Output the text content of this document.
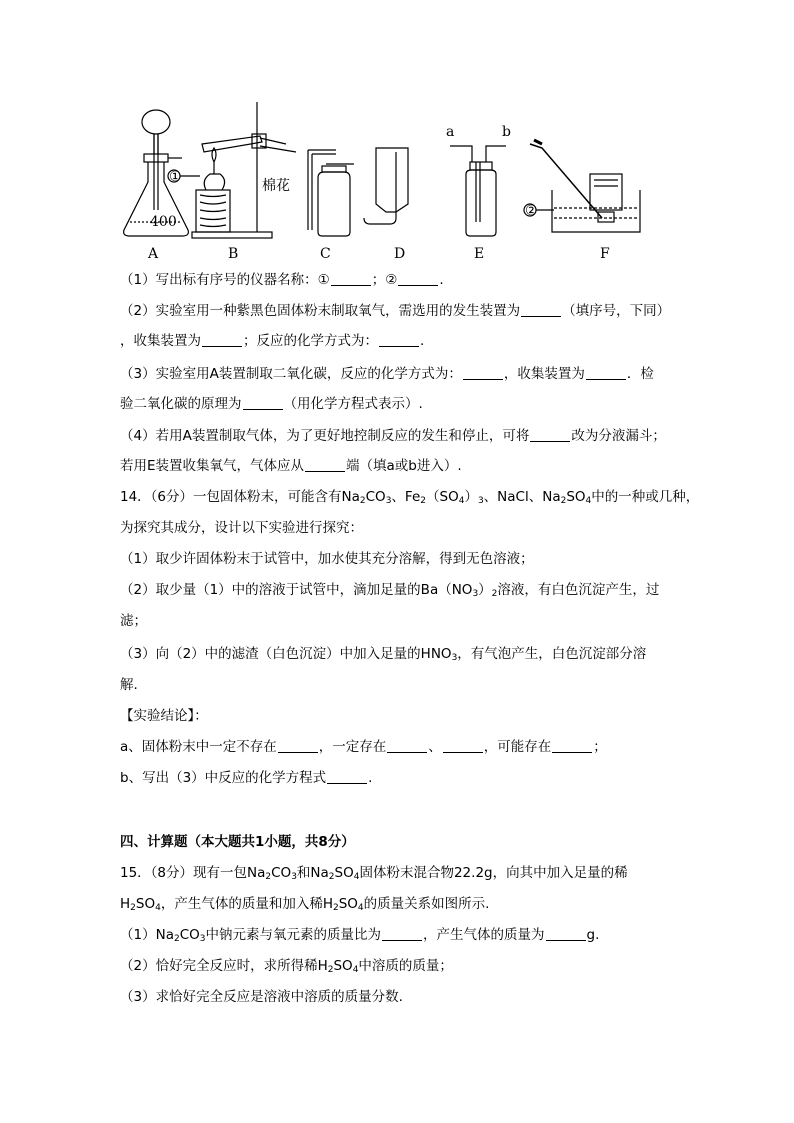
①
②
棉花
a	b
400
A	B	C	D	E	F
（1）写出标有序号的仪器名称：①	；②	.
（2）实验室用一种紫黑色固体粉末制取氧气，需选用的发生装置为	（填序号，下同）
，收集装置为	；反应的化学方式为：	.
（3）实验室用A装置制取二氧化碳，反应的化学方式为：	，收集装置为	．检
验二氧化碳的原理为	（用化学方程式表示）.
（4）若用A装置制取气体，为了更好地控制反应的发生和停止，可将	改为分液漏斗；
若用E装置收集氧气，气体应从	端（填a或b进入）.
14．（6分）一包固体粉末，可能含有$Na_2CO_3$、$Fe_2(SO_4)_3$、NaCl、$Na_2SO_4$中的一种或几种，
为探究其成分，设计以下实验进行探究：
（1）取少许固体粉末于试管中，加水使其充分溶解，得到无色溶液；
（2）取少量（1）中的溶液于试管中，滴加足量的$Ba(NO_3)_2$溶液，有白色沉淀产生，过
滤；
（3）向（2）中的滤渣（白色沉淀）中加入足量的$HNO_3$，有气泡产生，白色沉淀部分溶
解.
【实验结论】：
a、固体粉末中一定不存在	，一定存在	、	，可能存在	；
b、写出（3）中反应的化学方程式	.
四、计算题（本大题共1小题，共8分）
15．（8分）现有一包$Na_2CO_3$和$Na_2SO_4$固体粉末混合物22.2g，向其中加入足量的稀
$H_2SO_4$，产生气体的质量和加入稀$H_2SO_4$的质量关系如图所示.
$(1)Na_2CO_3$中钠元素与氧元素的质量比为	，产生气体的质量为	g.
（2）恰好完全反应时，求所得稀$H_2SO_4$中溶质的质量；
（3）求恰好完全反应是溶液中溶质的质量分数.
